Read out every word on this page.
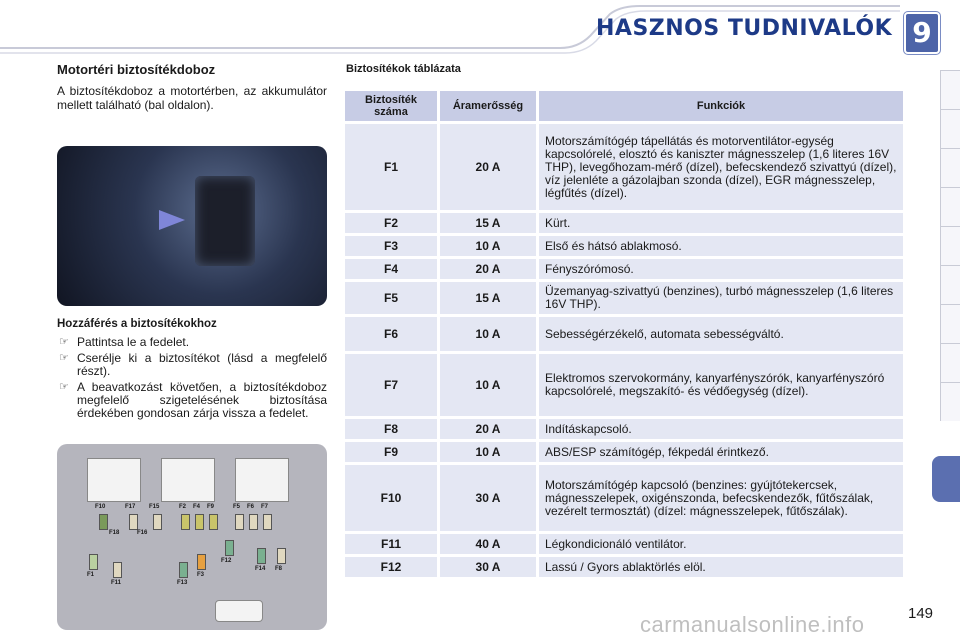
HASZNOS TUDNIVALÓK 9
Motortéri biztosítékdoboz

A biztosítékdoboz a motortérben, az akkumulátor mellett található (bal oldalon).

Hozzáférés a biztosítékokhoz
☞ Pattintsa le a fedelet.
☞ Cserélje ki a biztosítékot (lásd a megfelelő részt).
☞ A beavatkozást követően, a biztosítékdoboz megfelelő szigetelésének biztosítása érdekében gondosan zárja vissza a fedelet.
F10	F17 F15	F2 F4 F9	F5 F6 F7
F18	F16
F1
F11	F13
F3
F12
F14 F8
Biztosítékok táblázata
Biztosíték száma	Áramerősség	Funkciók
F1	20 A	Motorszámítógép tápellátás és motorventilátor-egység kapcsolórelé, elosztó és kaniszter mágnesszelep (1,6 literes 16V THP), levegőhozam-mérő (dízel), befecskendező szivattyú (dízel), víz jelenléte a gázolajban szonda (dízel), EGR mágnesszelep, légfűtés (dízel).
F2	15 A	Kürt.
F3	10 A	Első és hátsó ablakmosó.
F4	20 A	Fényszórómosó.
F5	15 A	Üzemanyag-szivattyú (benzines), turbó mágnesszelep (1,6 literes 16V THP).
F6	10 A	Sebességérzékelő, automata sebességváltó.
F7	10 A	Elektromos szervokormány, kanyarfényszórók, kanyarfényszóró kapcsolórelé, megszakító- és védőegység (dízel).
F8	20 A	Indításkapcsoló.
F9	10 A	ABS/ESP számítógép, fékpedál érintkező.
F10	30 A	Motorszámítógép kapcsoló (benzines: gyújtótekercsek, mágnesszelepek, oxigénszonda, befecskendezők, fűtőszálak, vezérelt termosztát) (dízel: mágnesszelepek, fűtőszálak).
F11	40 A	Légkondicionáló ventilátor.
F12	30 A	Lassú / Gyors ablaktörlés elöl.
149
carmanualsonline.info
